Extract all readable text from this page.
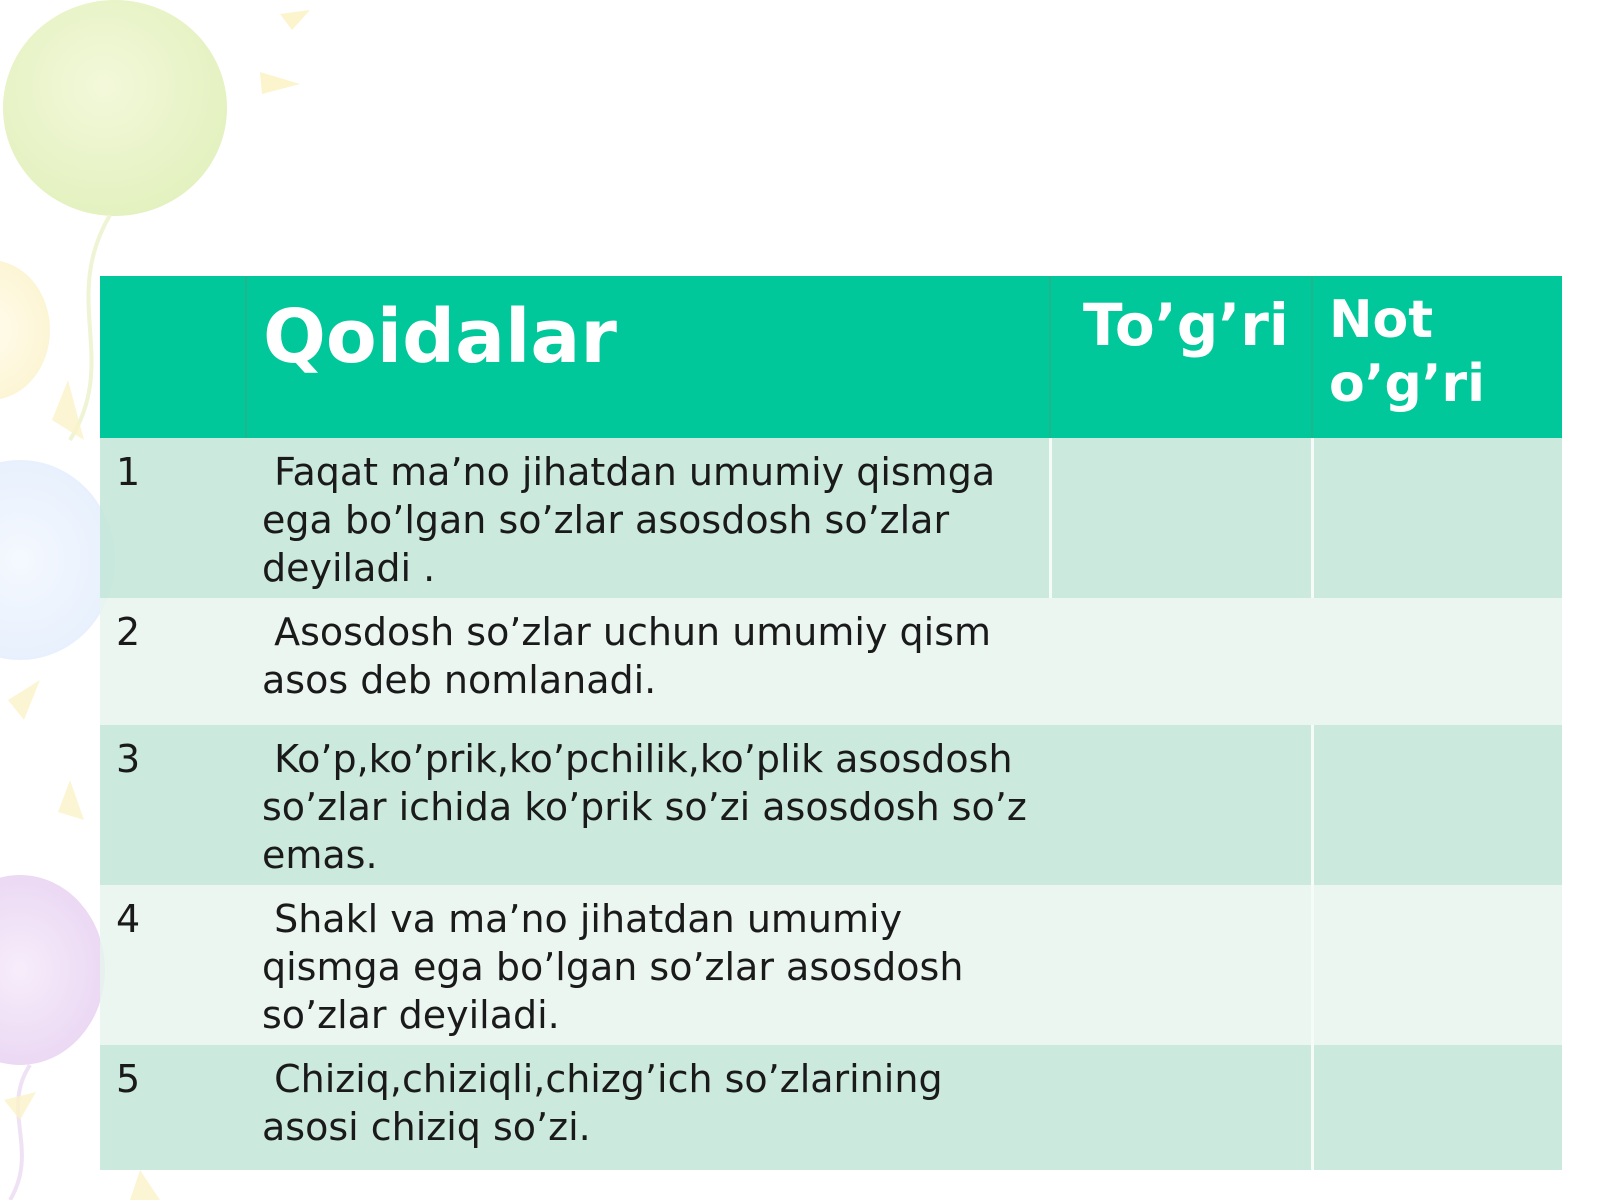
	Qoidalar	To’g’ri	Noto’g’ri

1	Faqat ma’no jihatdan umumiy qismga ega bo’lgan so’zlar asosdosh so’zlar deyiladi .		

2	Asosdosh so’zlar uchun umumiy qism asos deb nomlanadi.		

3	Ko’p,ko’prik,ko’pchilik,ko’plik asosdosh so’zlar ichida ko’prik so’zi asosdosh so’z emas.		

4	Shakl va ma’no jihatdan umumiy qismga ega bo’lgan so’zlar asosdosh so’zlar deyiladi.		

5	Chiziq,chiziqli,chizg’ich so’zlarining asosi chiziq so’zi.		
